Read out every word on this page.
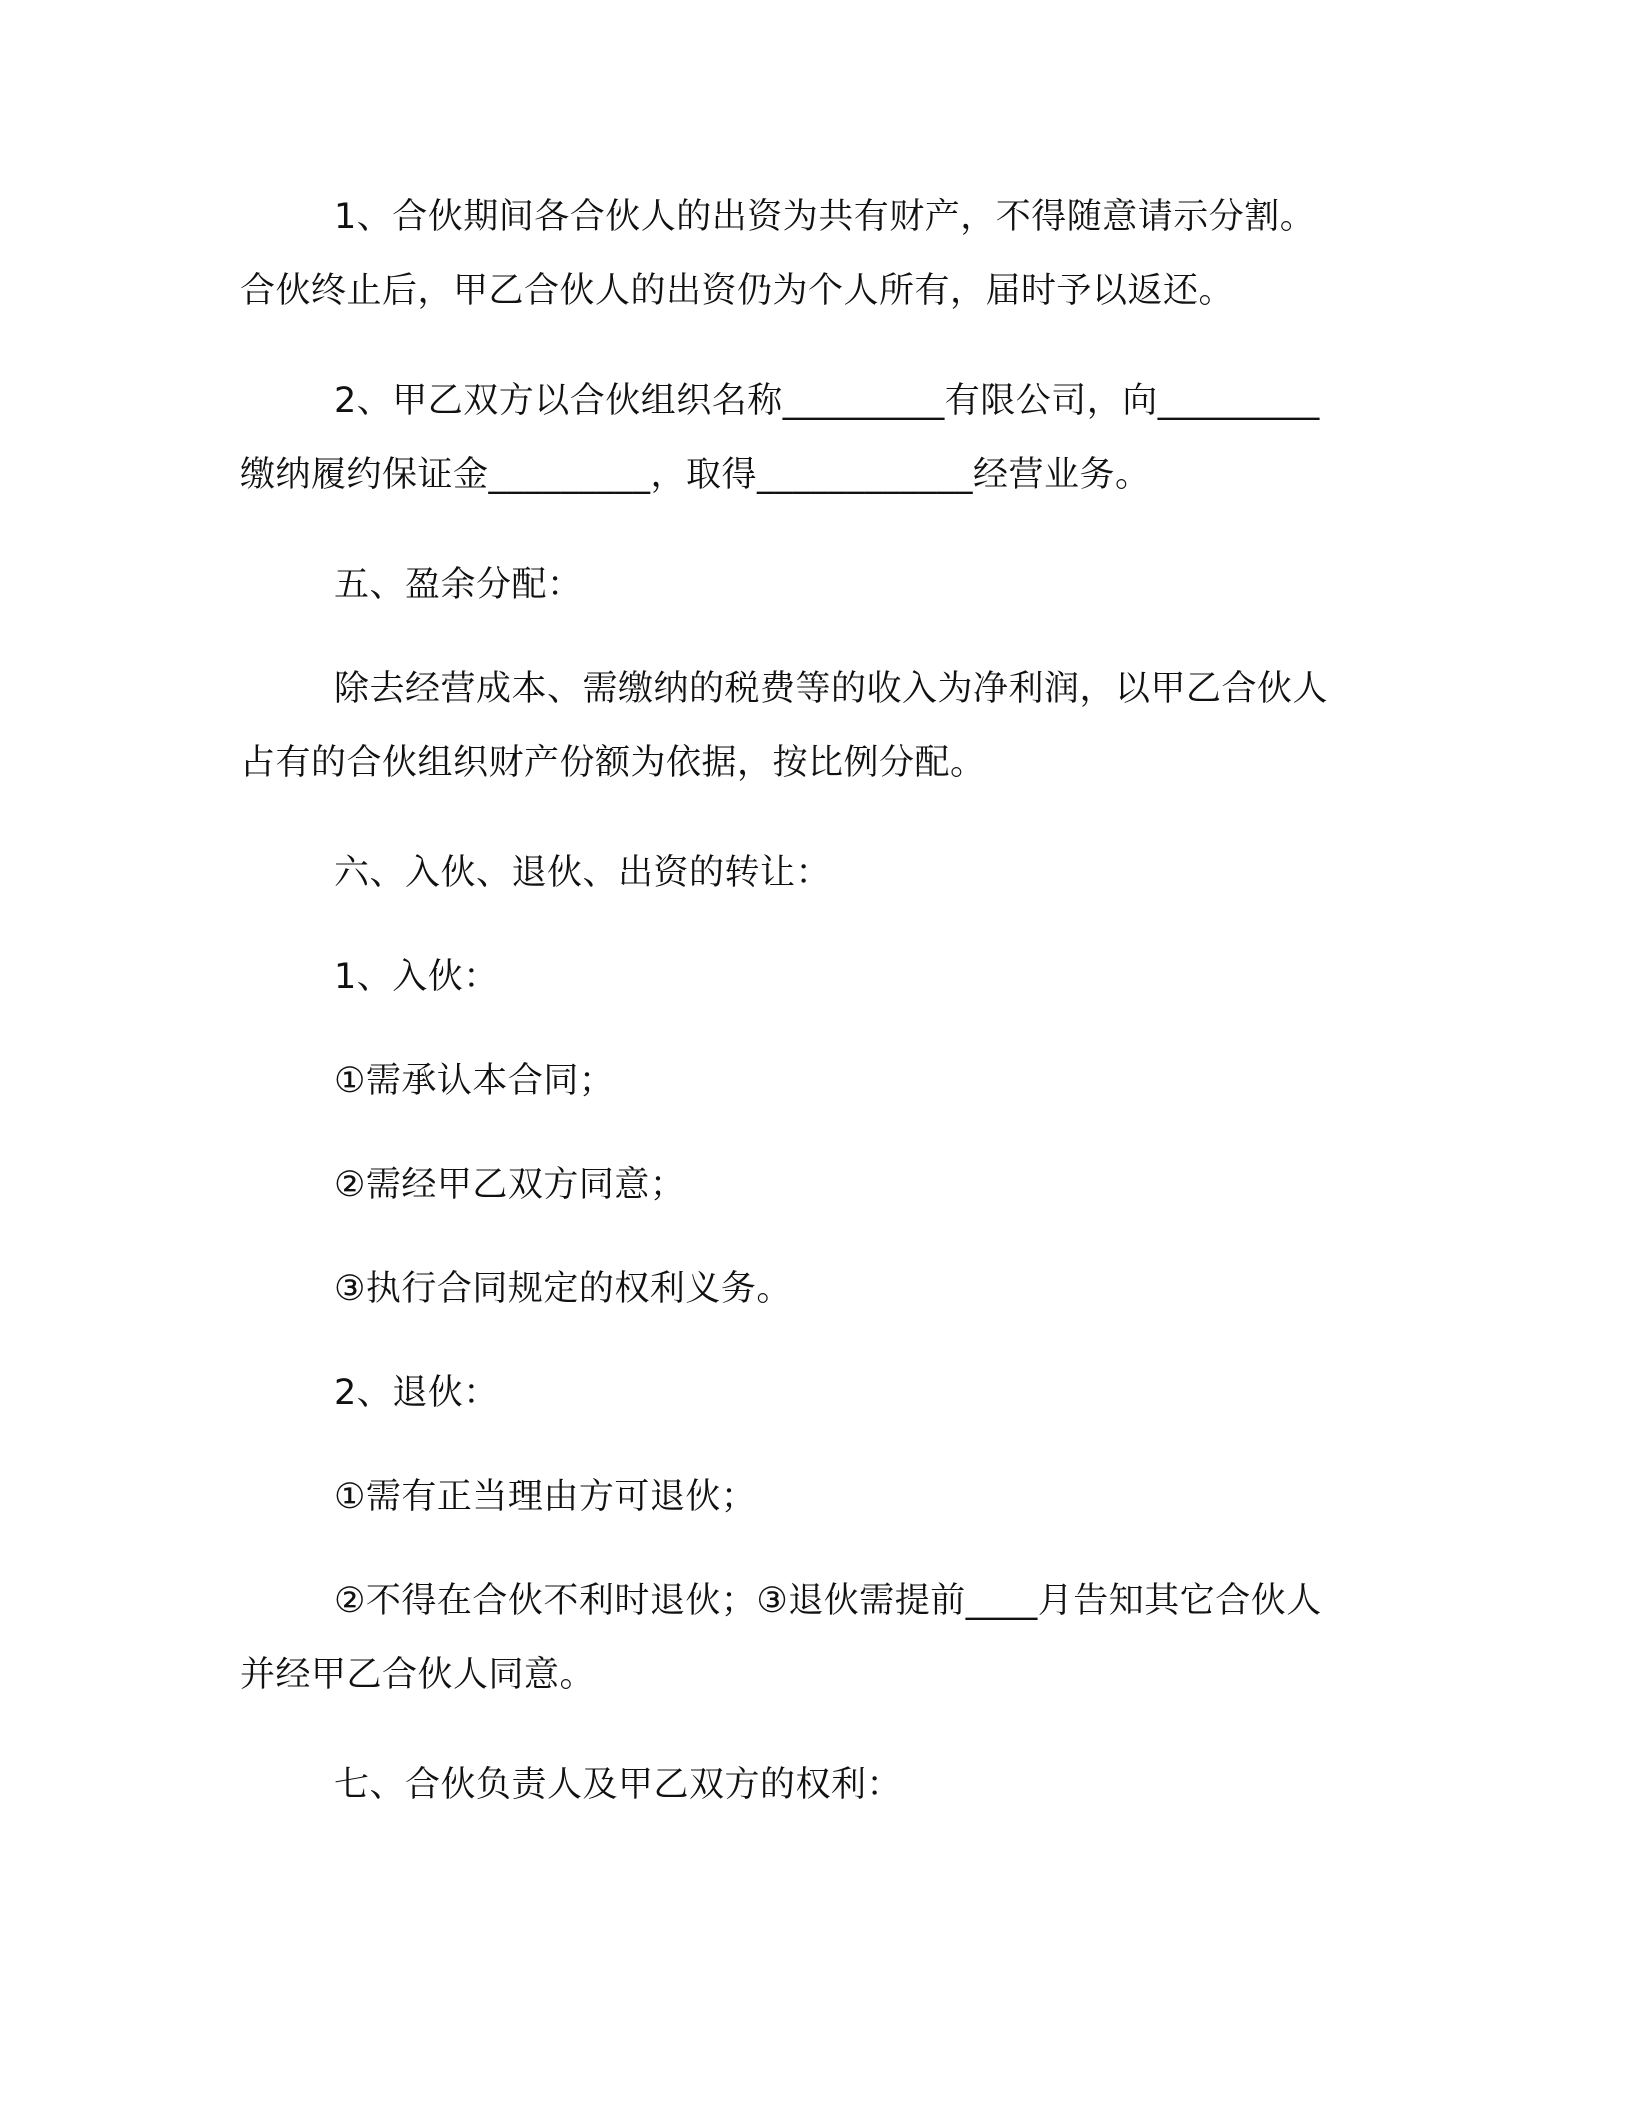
1、合伙期间各合伙人的出资为共有财产，不得随意请示分割。
合伙终止后，甲乙合伙人的出资仍为个人所有，届时予以返还。
2、甲乙双方以合伙组织名称_________有限公司，向_________
缴纳履约保证金_________，取得____________经营业务。
五、盈余分配：
除去经营成本、需缴纳的税费等的收入为净利润，以甲乙合伙人
占有的合伙组织财产份额为依据，按比例分配。
六、入伙、退伙、出资的转让：
1、入伙：
①需承认本合同；
②需经甲乙双方同意；
③执行合同规定的权利义务。
2、退伙：
①需有正当理由方可退伙；
②不得在合伙不利时退伙；③退伙需提前____月告知其它合伙人
并经甲乙合伙人同意。
七、合伙负责人及甲乙双方的权利：
